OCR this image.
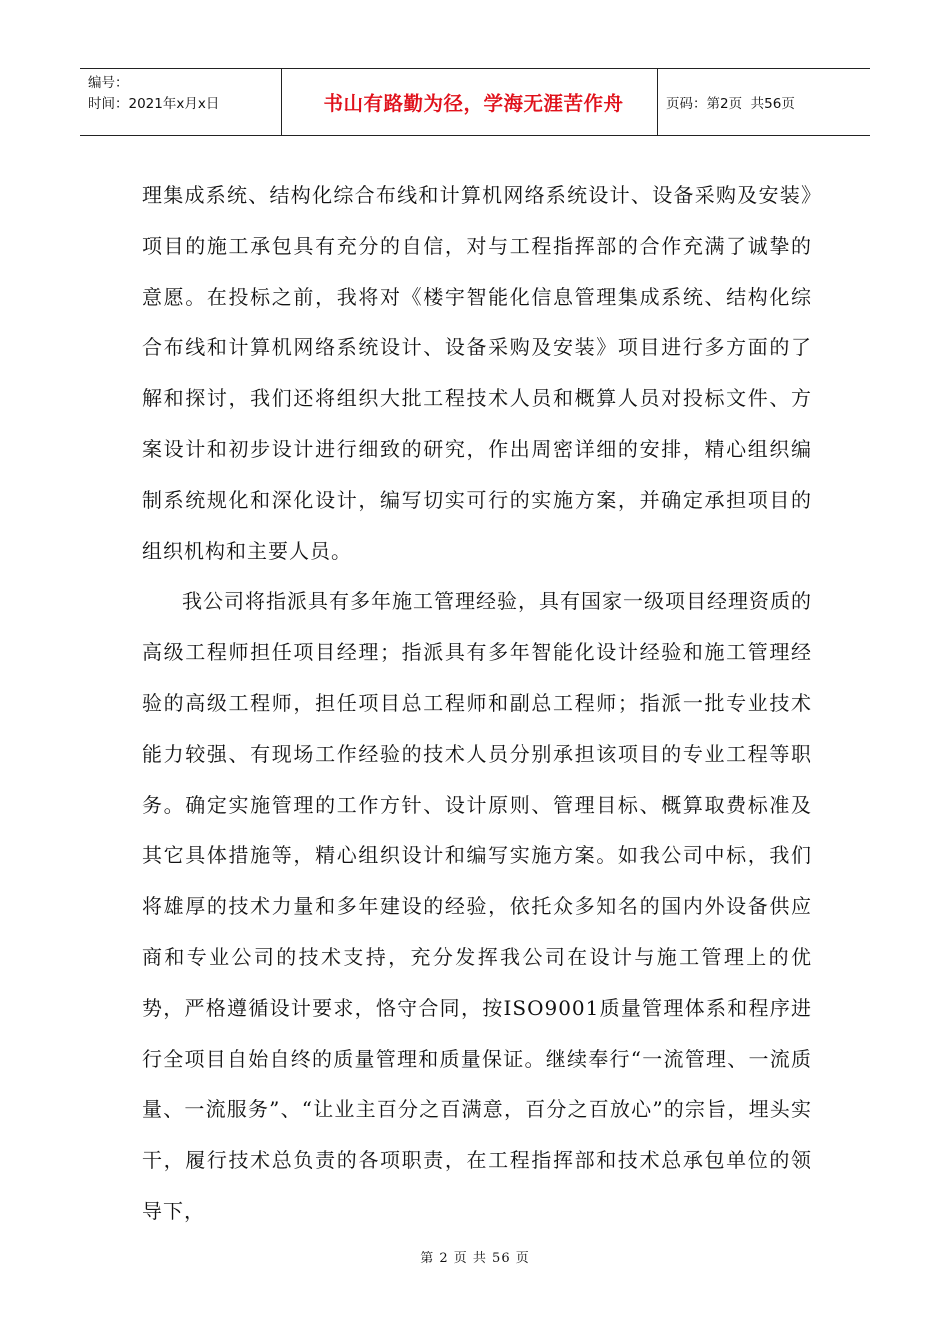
编号：
时间：2021年x月x日	书山有路勤为径，学海无涯苦作舟	页码：第2页  共56页

理集成系统、结构化综合布线和计算机网络系统设计、设备采购及安装》项目的施工承包具有充分的自信，对与工程指挥部的合作充满了诚挚的意愿。在投标之前，我将对《楼宇智能化信息管理集成系统、结构化综合布线和计算机网络系统设计、设备采购及安装》项目进行多方面的了解和探讨，我们还将组织大批工程技术人员和概算人员对投标文件、方案设计和初步设计进行细致的研究，作出周密详细的安排，精心组织编制系统规化和深化设计，编写切实可行的实施方案，并确定承担项目的组织机构和主要人员。

我公司将指派具有多年施工管理经验，具有国家一级项目经理资质的高级工程师担任项目经理；指派具有多年智能化设计经验和施工管理经验的高级工程师，担任项目总工程师和副总工程师；指派一批专业技术能力较强、有现场工作经验的技术人员分别承担该项目的专业工程等职务。确定实施管理的工作方针、设计原则、管理目标、概算取费标准及其它具体措施等，精心组织设计和编写实施方案。如我公司中标，我们将雄厚的技术力量和多年建设的经验，依托众多知名的国内外设备供应商和专业公司的技术支持，充分发挥我公司在设计与施工管理上的优势，严格遵循设计要求，恪守合同，按ISO9001质量管理体系和程序进行全项目自始自终的质量管理和质量保证。继续奉行“一流管理、一流质量、一流服务”、“让业主百分之百满意，百分之百放心”的宗旨，埋头实干，履行技术总负责的各项职责，在工程指挥部和技术总承包单位的领导下，

第 2 页 共 56 页
